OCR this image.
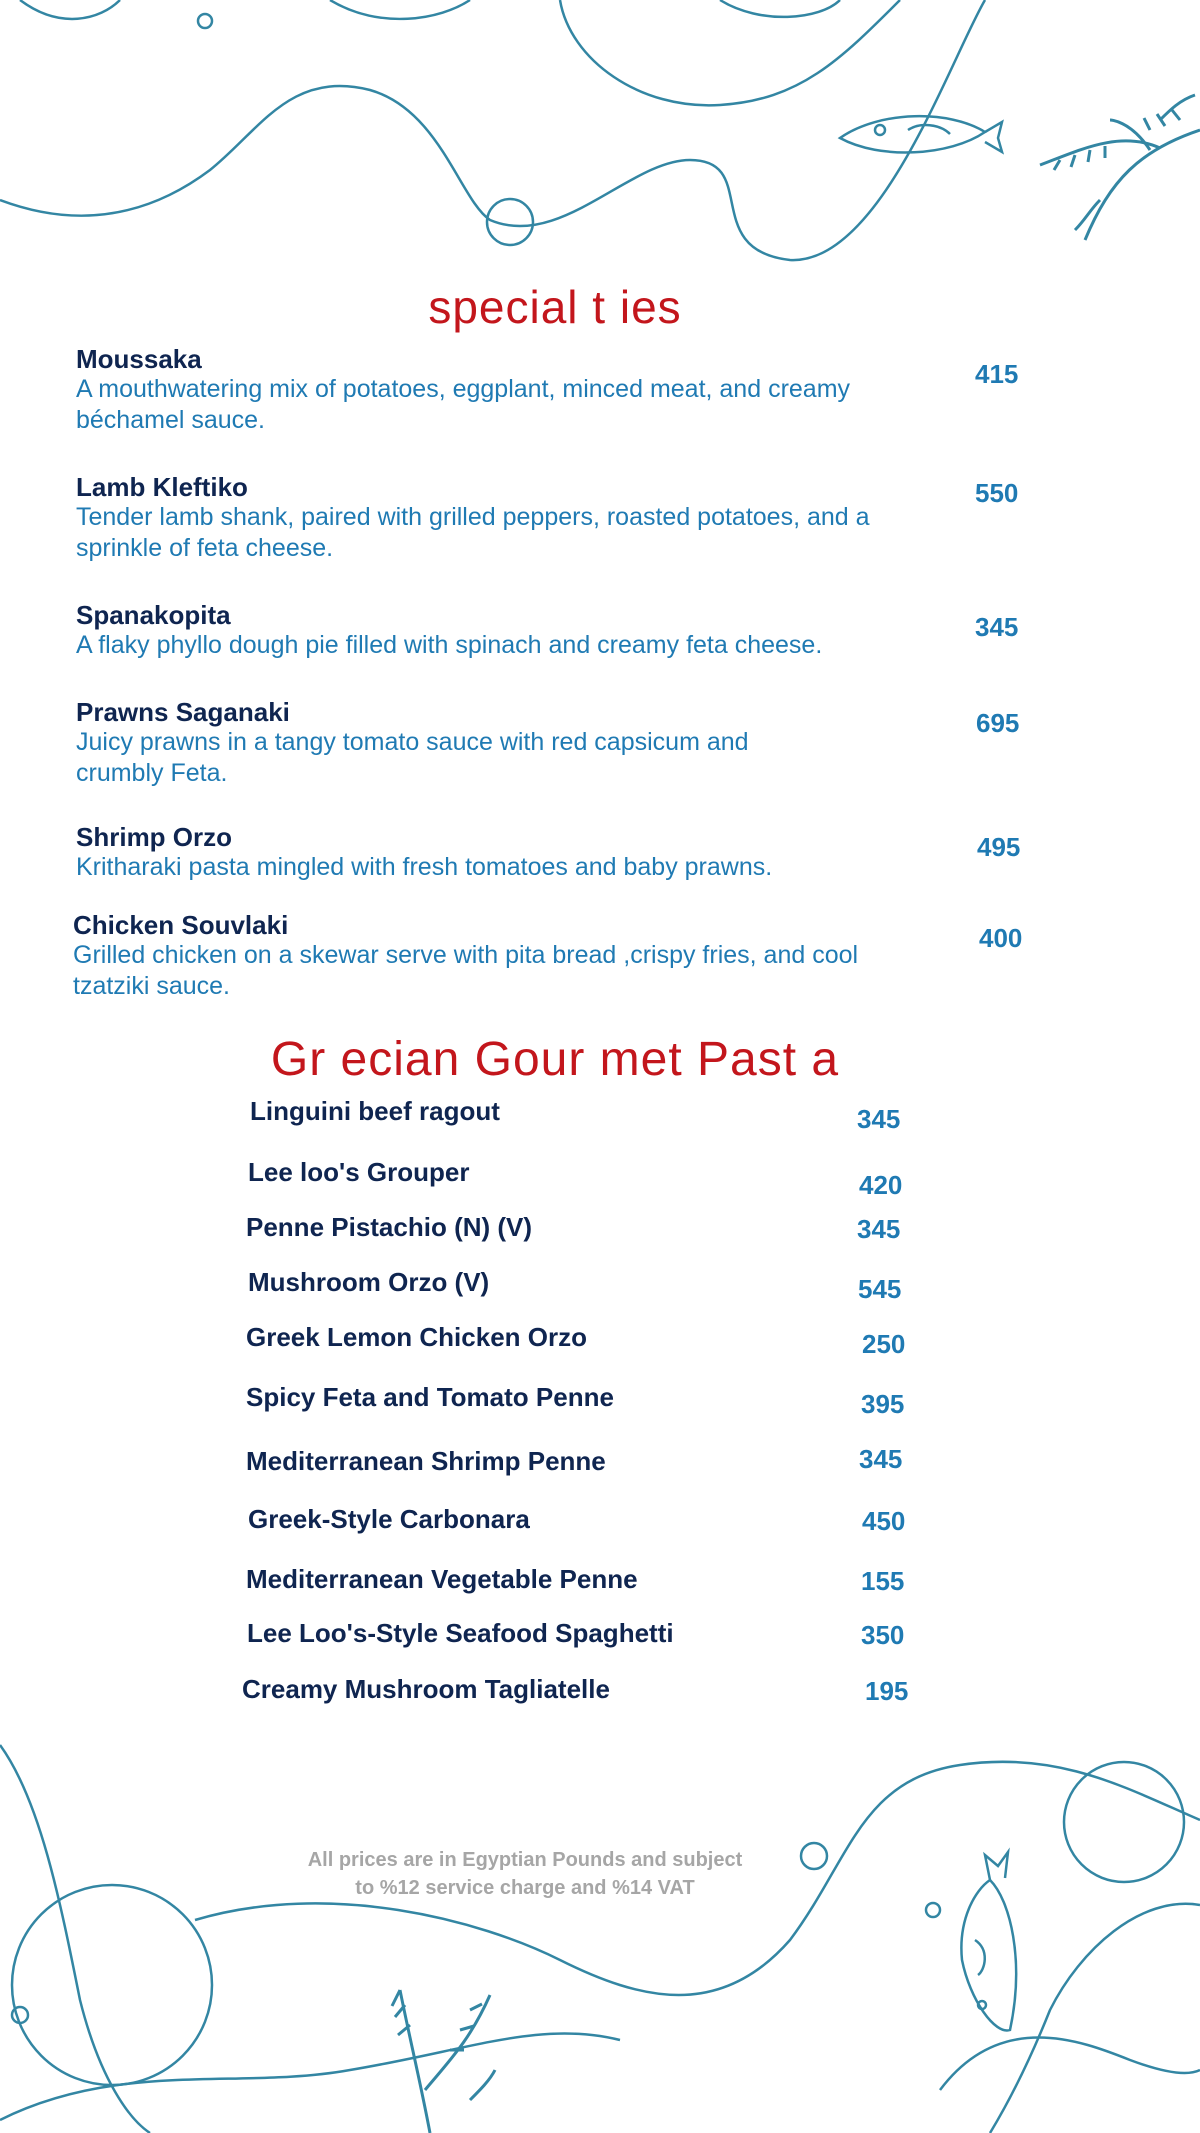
special t ies
Moussaka
A mouthwatering mix of potatoes, eggplant, minced meat, and creamy béchamel sauce.
415
Lamb Kleftiko
Tender lamb shank, paired with grilled peppers, roasted potatoes, and a sprinkle of feta cheese.
550
Spanakopita
A flaky phyllo dough pie filled with spinach and creamy feta cheese.
345
Prawns Saganaki
Juicy prawns in a tangy tomato sauce with red capsicum and crumbly Feta.
695
Shrimp Orzo
Kritharaki pasta mingled with fresh tomatoes and baby prawns.
495
Chicken Souvlaki
Grilled chicken on a skewar serve with pita bread ,crispy fries, and cool tzatziki sauce.
400
Gr ecian Gour met Past a
Linguini beef ragout	345
Lee loo's Grouper	420
Penne Pistachio (N) (V)	345
Mushroom Orzo (V)	545
Greek Lemon Chicken Orzo	250
Spicy Feta and Tomato Penne	395
Mediterranean Shrimp Penne	345
Greek-Style Carbonara	450
Mediterranean Vegetable Penne	155
Lee Loo's-Style Seafood Spaghetti	350
Creamy Mushroom Tagliatelle	195
All prices are in Egyptian Pounds and subject
to %12 service charge and %14 VAT
